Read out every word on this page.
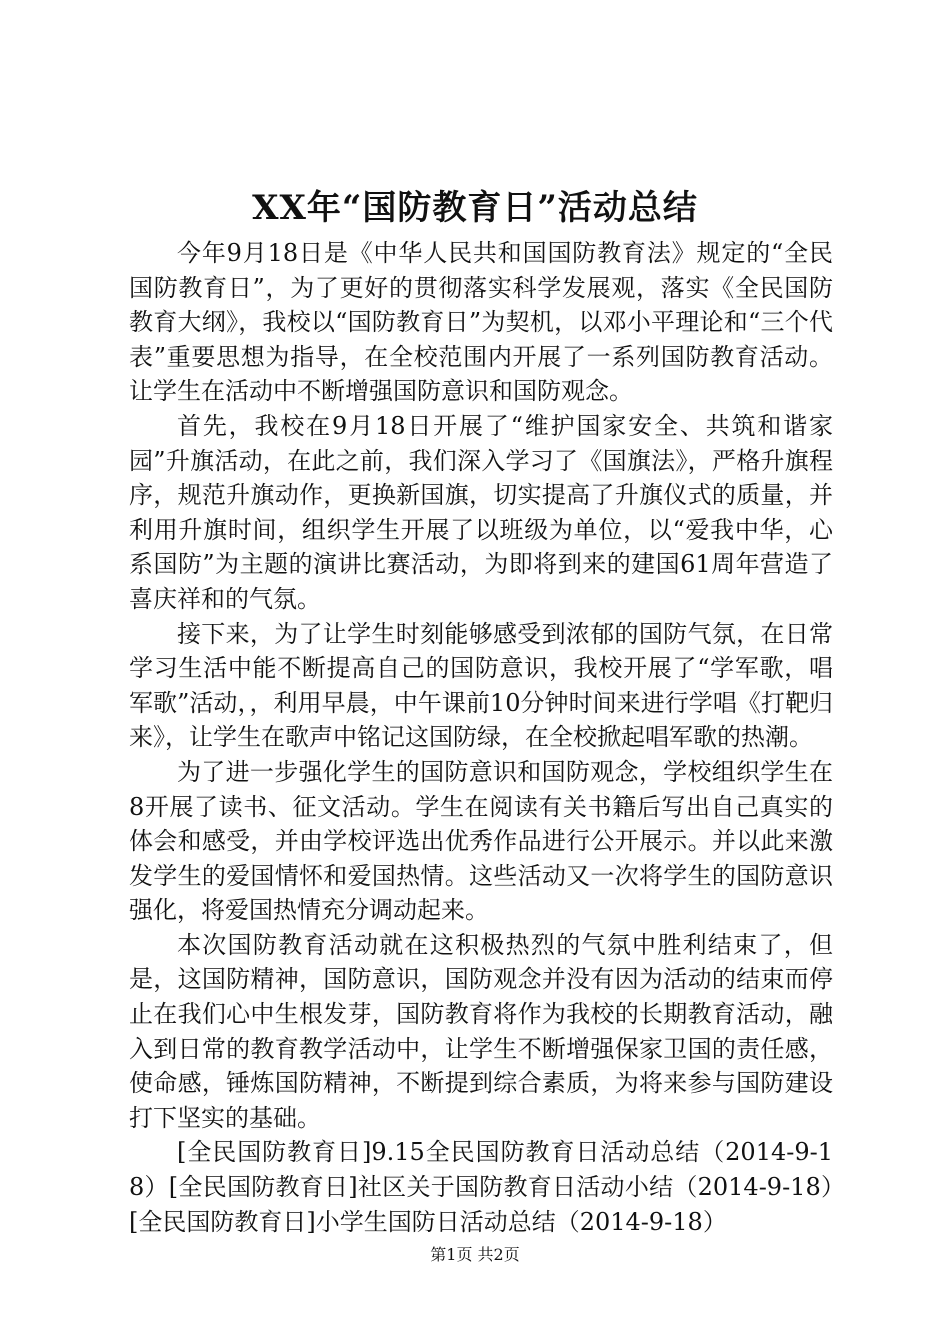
XX年“国防教育日”活动总结

今年9月18日是《中华人民共和国国防教育法》规定的“全民国防教育日”，为了更好的贯彻落实科学发展观，落实《全民国防教育大纲》，我校以“国防教育日”为契机，以邓小平理论和“三个代表”重要思想为指导，在全校范围内开展了一系列国防教育活动。让学生在活动中不断增强国防意识和国防观念。

首先，我校在9月18日开展了“维护国家安全、共筑和谐家园”升旗活动，在此之前，我们深入学习了《国旗法》，严格升旗程序，规范升旗动作，更换新国旗，切实提高了升旗仪式的质量，并利用升旗时间，组织学生开展了以班级为单位，以“爱我中华，心系国防”为主题的演讲比赛活动，为即将到来的建国61周年营造了喜庆祥和的气氛。

接下来，为了让学生时刻能够感受到浓郁的国防气氛，在日常学习生活中能不断提高自己的国防意识，我校开展了“学军歌，唱军歌”活动，，利用早晨，中午课前10分钟时间来进行学唱《打靶归来》，让学生在歌声中铭记这国防绿，在全校掀起唱军歌的热潮。

为了进一步强化学生的国防意识和国防观念，学校组织学生在8开展了读书、征文活动。学生在阅读有关书籍后写出自己真实的体会和感受，并由学校评选出优秀作品进行公开展示。并以此来激发学生的爱国情怀和爱国热情。这些活动又一次将学生的国防意识强化，将爱国热情充分调动起来。

本次国防教育活动就在这积极热烈的气氛中胜利结束了，但是，这国防精神，国防意识，国防观念并没有因为活动的结束而停止在我们心中生根发芽，国防教育将作为我校的长期教育活动，融入到日常的教育教学活动中，让学生不断增强保家卫国的责任感，使命感，锤炼国防精神，不断提到综合素质，为将来参与国防建设打下坚实的基础。

[全民国防教育日]9.15全民国防教育日活动总结（2014-9-18）[全民国防教育日]社区关于国防教育日活动小结（2014-9-18）[全民国防教育日]小学生国防日活动总结（2014-9-18）

第1页 共2页
